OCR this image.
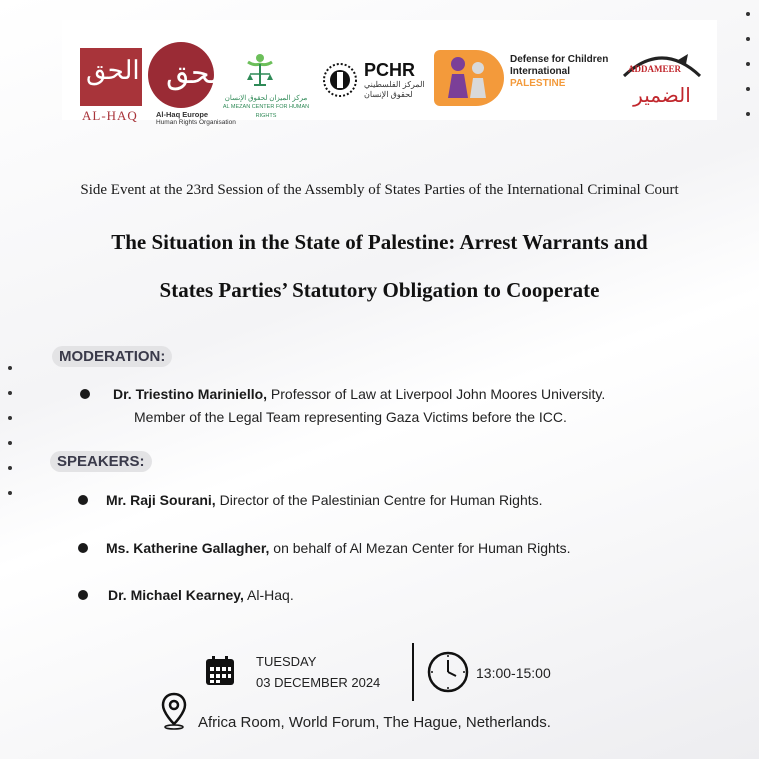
الحق
AL-HAQ
الحق
Al-Haq Europe
Human Rights Organisation
مركز الميزان لحقوق الإنسان
AL MEZAN CENTER FOR HUMAN RIGHTS
PCHR
المركز الفلسطيني لحقوق الإنسان
Defense for Children
International
PALESTINE	الضمير
ADDAMEER
Side Event at the 23rd Session of the Assembly of States Parties of the International Criminal Court
The Situation in the State of Palestine: Arrest Warrants and
States Parties’ Statutory Obligation to Cooperate
MODERATION:
Dr. Triestino Mariniello, Professor of Law at Liverpool John Moores University.
Member of the Legal Team representing Gaza Victims before the ICC.
SPEAKERS:
Mr. Raji Sourani, Director of the Palestinian Centre for Human Rights.
Ms. Katherine Gallagher, on behalf of Al Mezan Center for Human Rights.
Dr. Michael Kearney, Al-Haq.
TUESDAY
03 DECEMBER 2024
13:00-15:00
Africa Room, World Forum, The Hague, Netherlands.
